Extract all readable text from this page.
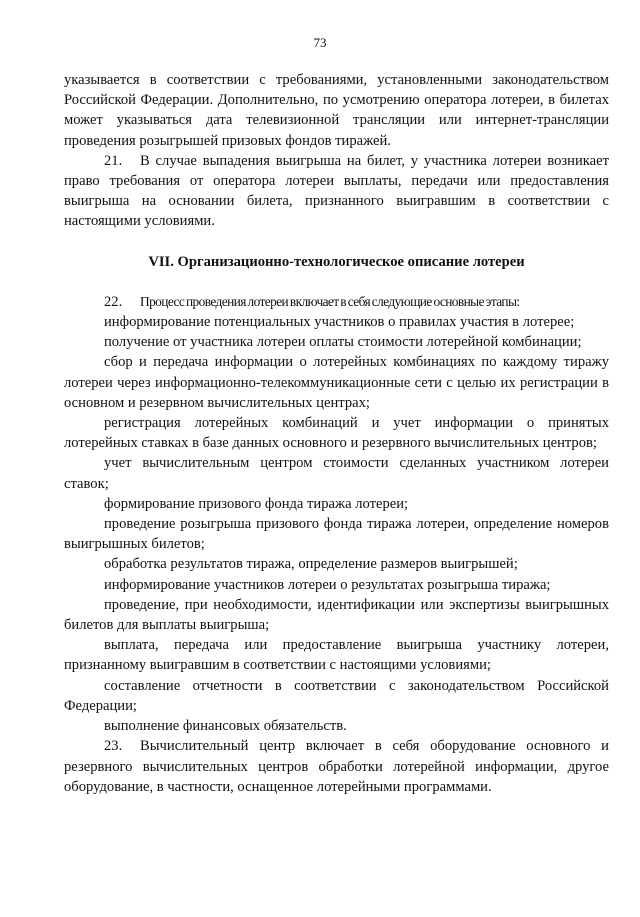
73

указывается в соответствии с требованиями, установленными законодательством Российской Федерации. Дополнительно, по усмотрению оператора лотереи, в билетах может указываться дата телевизионной трансляции или интернет-трансляции проведения розыгрышей призовых фондов тиражей.

21. В случае выпадения выигрыша на билет, у участника лотереи возникает право требования от оператора лотереи выплаты, передачи или предоставления выигрыша на основании билета, признанного выигравшим в соответствии с настоящими условиями.

VII. Организационно-технологическое описание лотереи

22. Процесс проведения лотереи включает в себя следующие основные этапы:

информирование потенциальных участников о правилах участия в лотерее;

получение от участника лотереи оплаты стоимости лотерейной комбинации;

сбор и передача информации о лотерейных комбинациях по каждому тиражу лотереи через информационно-телекоммуникационные сети с целью их регистрации в основном и резервном вычислительных центрах;

регистрация лотерейных комбинаций и учет информации о принятых лотерейных ставках в базе данных основного и резервного вычислительных центров;

учет вычислительным центром стоимости сделанных участником лотереи ставок;

формирование призового фонда тиража лотереи;

проведение розыгрыша призового фонда тиража лотереи, определение номеров выигрышных билетов;

обработка результатов тиража, определение размеров выигрышей;

информирование участников лотереи о результатах розыгрыша тиража;

проведение, при необходимости, идентификации или экспертизы выигрышных билетов для выплаты выигрыша;

выплата, передача или предоставление выигрыша участнику лотереи, признанному выигравшим в соответствии с настоящими условиями;

составление отчетности в соответствии с законодательством Российской Федерации;

выполнение финансовых обязательств.

23. Вычислительный центр включает в себя оборудование основного и резервного вычислительных центров обработки лотерейной информации, другое оборудование, в частности, оснащенное лотерейными программами.
